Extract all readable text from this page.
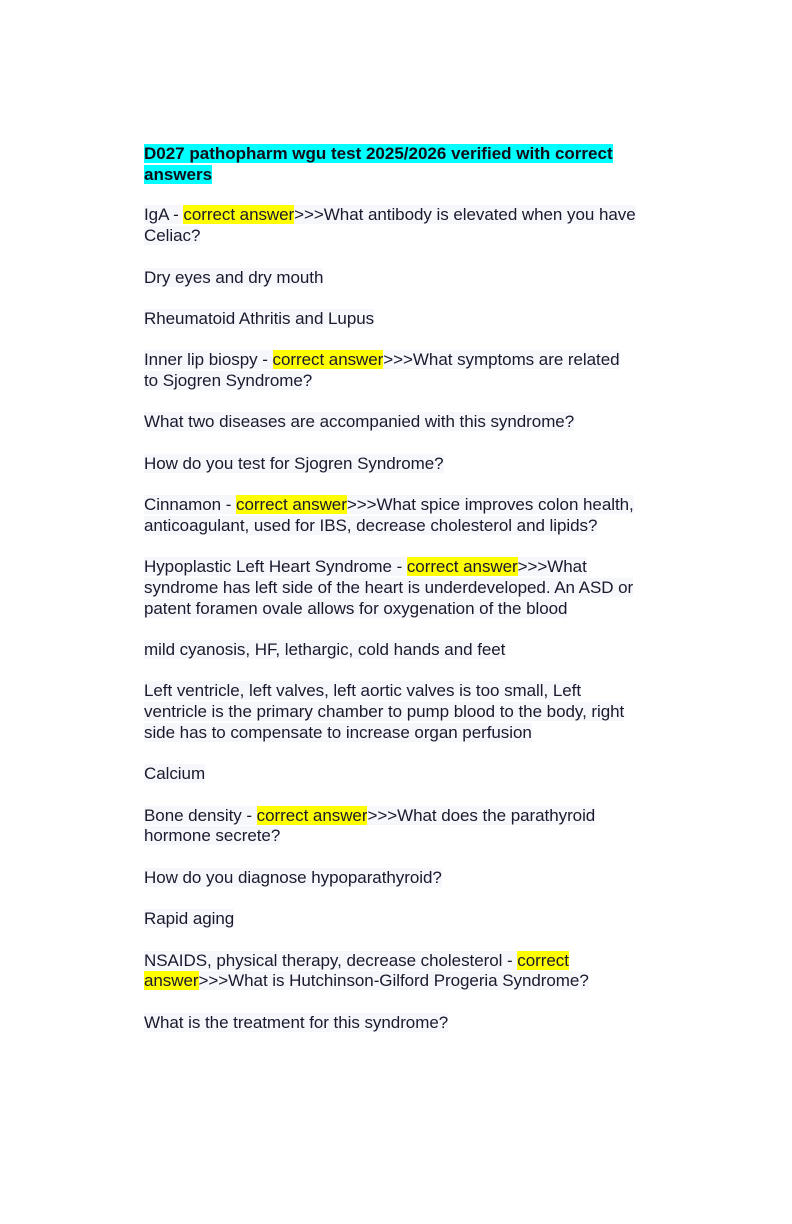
D027 pathopharm wgu test 2025/2026 verified with correct answers
IgA - correct answer>>>What antibody is elevated when you have Celiac?
Dry eyes and dry mouth
Rheumatoid Athritis and Lupus
Inner lip biospy - correct answer>>>What symptoms are related to Sjogren Syndrome?
What two diseases are accompanied with this syndrome?
How do you test for Sjogren Syndrome?
Cinnamon - correct answer>>>What spice improves colon health, anticoagulant, used for IBS, decrease cholesterol and lipids?
Hypoplastic Left Heart Syndrome - correct answer>>>What syndrome has left side of the heart is underdeveloped. An ASD or patent foramen ovale allows for oxygenation of the blood
mild cyanosis, HF, lethargic, cold hands and feet
Left ventricle, left valves, left aortic valves is too small, Left ventricle is the primary chamber to pump blood to the body, right side has to compensate to increase organ perfusion
Calcium
Bone density - correct answer>>>What does the parathyroid hormone secrete?
How do you diagnose hypoparathyroid?
Rapid aging
NSAIDS, physical therapy, decrease cholesterol - correct answer>>>What is Hutchinson-Gilford Progeria Syndrome?
What is the treatment for this syndrome?
